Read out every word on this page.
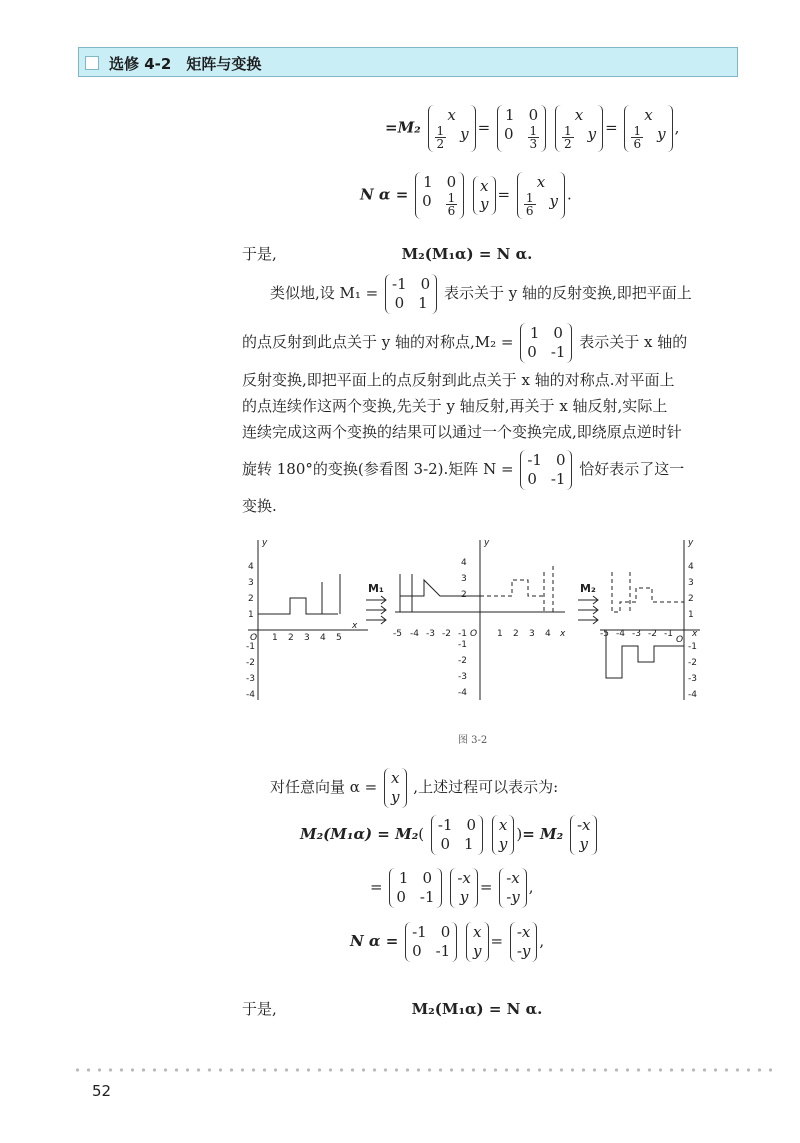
选修 4-2　矩阵与变换
=M₂
x
$\frac{1}{2}$ y =
1 0
$0 \frac{1}{3}$

x
$\frac{1}{2}$ y =
x
$\frac{1}{6}$ y ,
N α =
1 0
$0 \frac{1}{6}$

x
y
=
x
$\frac{1}{6}$ y .
于是,	M₂(M₁α) = N α.
类似地,设 M₁ = -1 0
0 1
表示关于 y 轴的反射变换,即把平面上
的点反射到此点关于 y 轴的对称点,M₂ = 1 0
0 -1
表示关于 x 轴的
反射变换,即把平面上的点反射到此点关于 x 轴的对称点.对平面上
的点连续作这两个变换,先关于 y 轴反射,再关于 x 轴反射,实际上
连续完成这两个变换的结果可以通过一个变换完成,即绕原点逆时针
旋转 180°的变换(参看图 3-2).矩阵 N = -1 0
0 -1
恰好表示了这一
变换.
M₁	M₂
y	y	y
x
x	x
O	O
O
1 2 3 4 5
1
2
3
4
-1
-2
-3
-4
-5 -4 -3 -2 -1	1 2 3 4
2
3
4
-1
-2
-3
-4
-5 -4 -3 -2 -1
1
2
3
4
-1
-2
-3
-4
图 3-2
对任意向量 α = x
y
,上述过程可以表示为:
M₂(M₁α) = M₂( -1 0
0 1

x
y
)= M₂ -x
y
= 1 0
0 -1

-x
y
= -x
-y
,
N α = -1 0
0 -1

x
y
= -x
-y
,
于是,	M₂(M₁α) = N α.
52
